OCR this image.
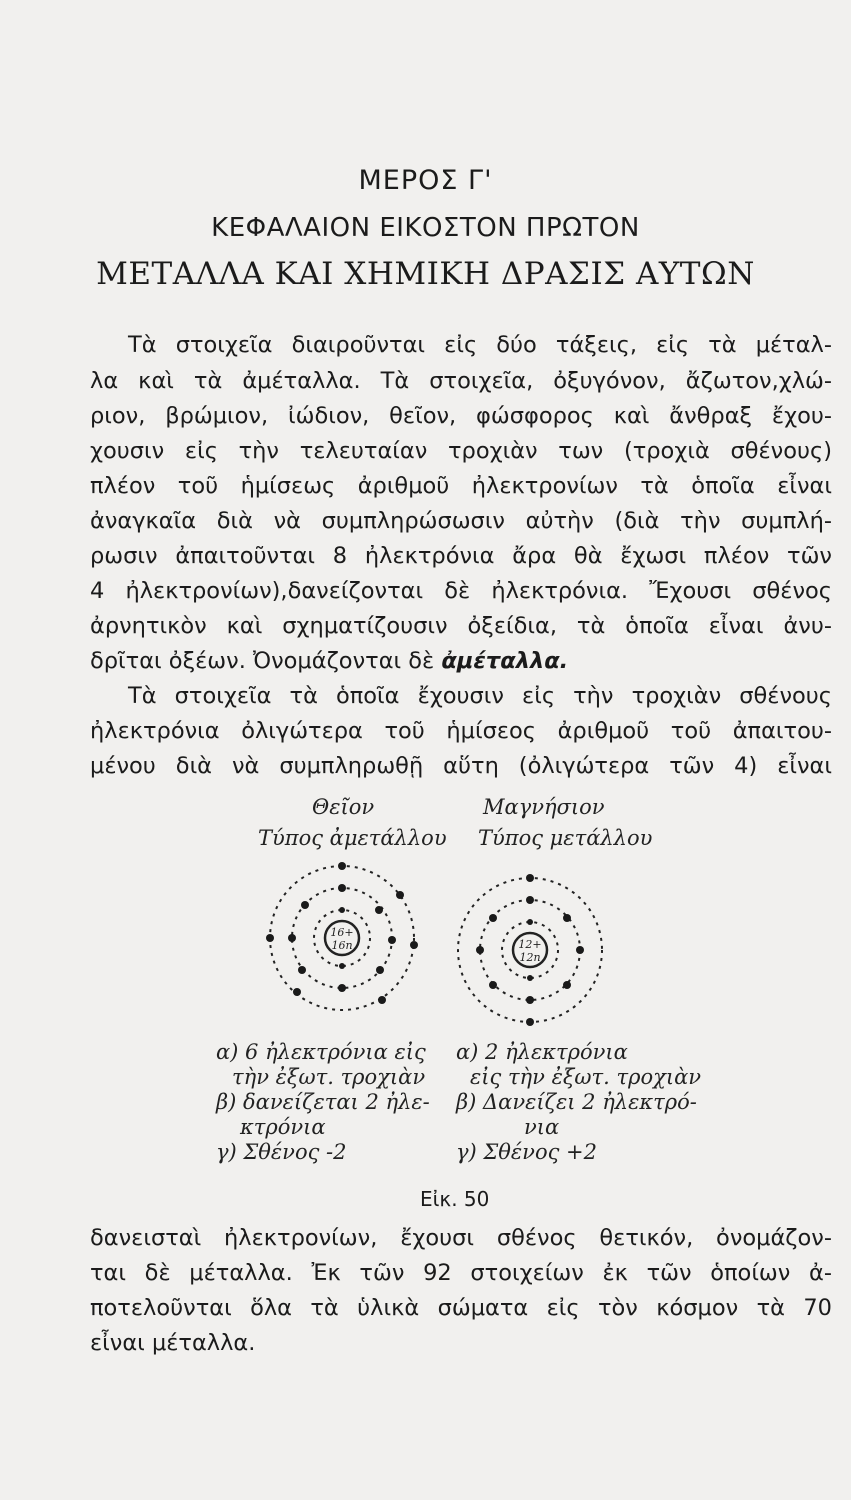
ΜΕΡΟΣ Γ'
ΚΕΦΑΛΑΙΟΝ ΕΙΚΟΣΤΟΝ ΠΡΩΤΟΝ
ΜΕΤΑΛΛΑ ΚΑΙ ΧΗΜΙΚΗ ΔΡΑΣΙΣ ΑΥΤΩΝ
Τὰ στοιχεῖα διαιροῦνται εἰς δύο τάξεις, εἰς τὰ μέταλ-
λα καὶ τὰ ἀμέταλλα. Τὰ στοιχεῖα, ὀξυγόνον, ἄζωτον,χλώ-
ριον, βρώμιον, ἰώδιον, θεῖον, φώσφορος καὶ ἄνθραξ ἔχου-
χουσιν εἰς τὴν τελευταίαν τροχιὰν των (τροχιὰ σθένους)
πλέον τοῦ ἡμίσεως ἀριθμοῦ ἠλεκτρονίων τὰ ὁποῖα εἶναι
ἀναγκαῖα διὰ νὰ συμπληρώσωσιν αὐτὴν (διὰ τὴν συμπλή-
ρωσιν ἀπαιτοῦνται 8 ἠλεκτρόνια ἄρα θὰ ἔχωσι πλέον τῶν
4 ἠλεκτρονίων),δανείζονται δὲ ἠλεκτρόνια. Ἔχουσι σθένος
ἀρνητικὸν καὶ σχηματίζουσιν ὀξείδια, τὰ ὁποῖα εἶναι ἀνυ-
δρῖται ὀξέων. Ὀνομάζονται δὲ ἀμέταλλα.
Τὰ στοιχεῖα τὰ ὁποῖα ἔχουσιν εἰς τὴν τροχιὰν σθένους
ἠλεκτρόνια ὀλιγώτερα τοῦ ἡμίσεος ἀριθμοῦ τοῦ ἀπαιτου-
μένου διὰ νὰ συμπληρωθῇ αὕτη (ὀλιγώτερα τῶν 4) εἶναι
16+
16n	12+
12n
Θεῖον
Τύπος ἀμετάλλου
Μαγνήσιον
Τύπος μετάλλου
α) 6 ἠλεκτρόνια εἰς
τὴν ἐξωτ. τροχιὰν
β) δανείζεται 2 ἠλε-
κτρόνια
γ) Σθένος -2
α) 2 ἠλεκτρόνια
εἰς τὴν ἐξωτ. τροχιὰν
β) Δανείζει 2 ἠλεκτρό-
νια
γ) Σθένος +2
Εἰκ. 50
δανεισταὶ ἠλεκτρονίων, ἔχουσι σθένος θετικόν, ὀνομάζον-
ται δὲ μέταλλα. Ἐκ τῶν 92 στοιχείων ἐκ τῶν ὁποίων ἀ-
ποτελοῦνται ὅλα τὰ ὑλικὰ σώματα εἰς τὸν κόσμον τὰ 70
εἶναι μέταλλα.
